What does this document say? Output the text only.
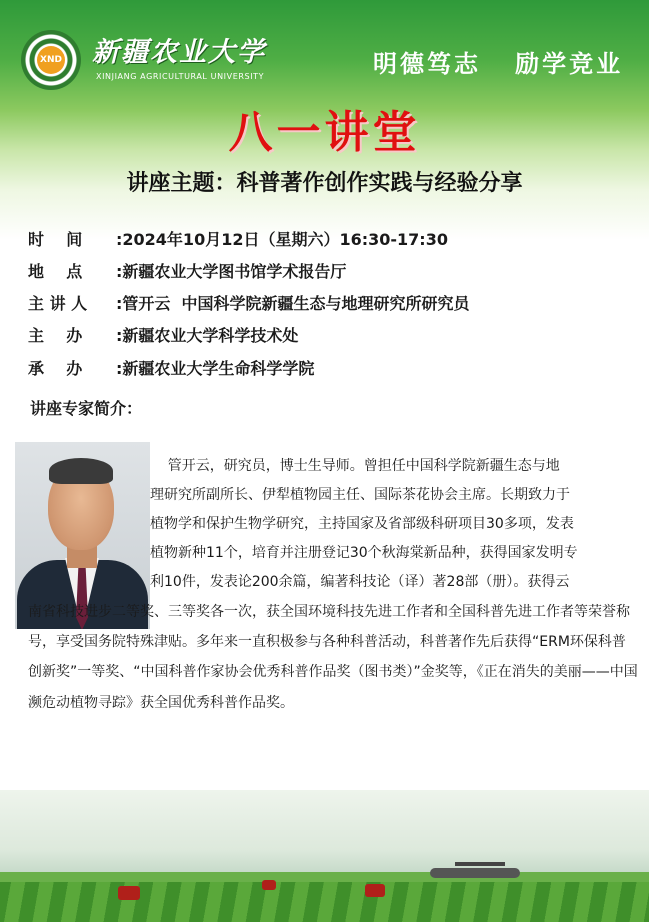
XND 新疆农业大学
XINJIANG AGRICULTURAL UNIVERSITY	明德笃志   励学竞业
八一讲堂
讲座主题：科普著作创作实践与经验分享
时    间	:2024年10月12日（星期六）16:30-17:30
地    点	:新疆农业大学图书馆学术报告厅
主 讲 人	:管开云  中国科学院新疆生态与地理研究所研究员
主    办	:新疆农业大学科学技术处
承    办	:新疆农业大学生命科学学院
讲座专家简介：
管开云，研究员，博士生导师。曾担任中国科学院新疆生态与地
理研究所副所长、伊犁植物园主任、国际茶花协会主席。长期致力于
植物学和保护生物学研究，主持国家及省部级科研项目30多项，发表
植物新种11个，培育并注册登记30个秋海棠新品种，获得国家发明专
利10件，发表论200余篇，编著科技论（译）著28部（册）。获得云
南省科技进步二等奖、三等奖各一次，获全国环境科技先进工作者和全国科普先进工作者等荣誉称号，享受国务院特殊津贴。多年来一直积极参与各种科普活动，科普著作先后获得“ERM环保科普创新奖”一等奖、“中国科普作家协会优秀科普作品奖（图书类）”金奖等，《正在消失的美丽——中国濒危动植物寻踪》获全国优秀科普作品奖。
